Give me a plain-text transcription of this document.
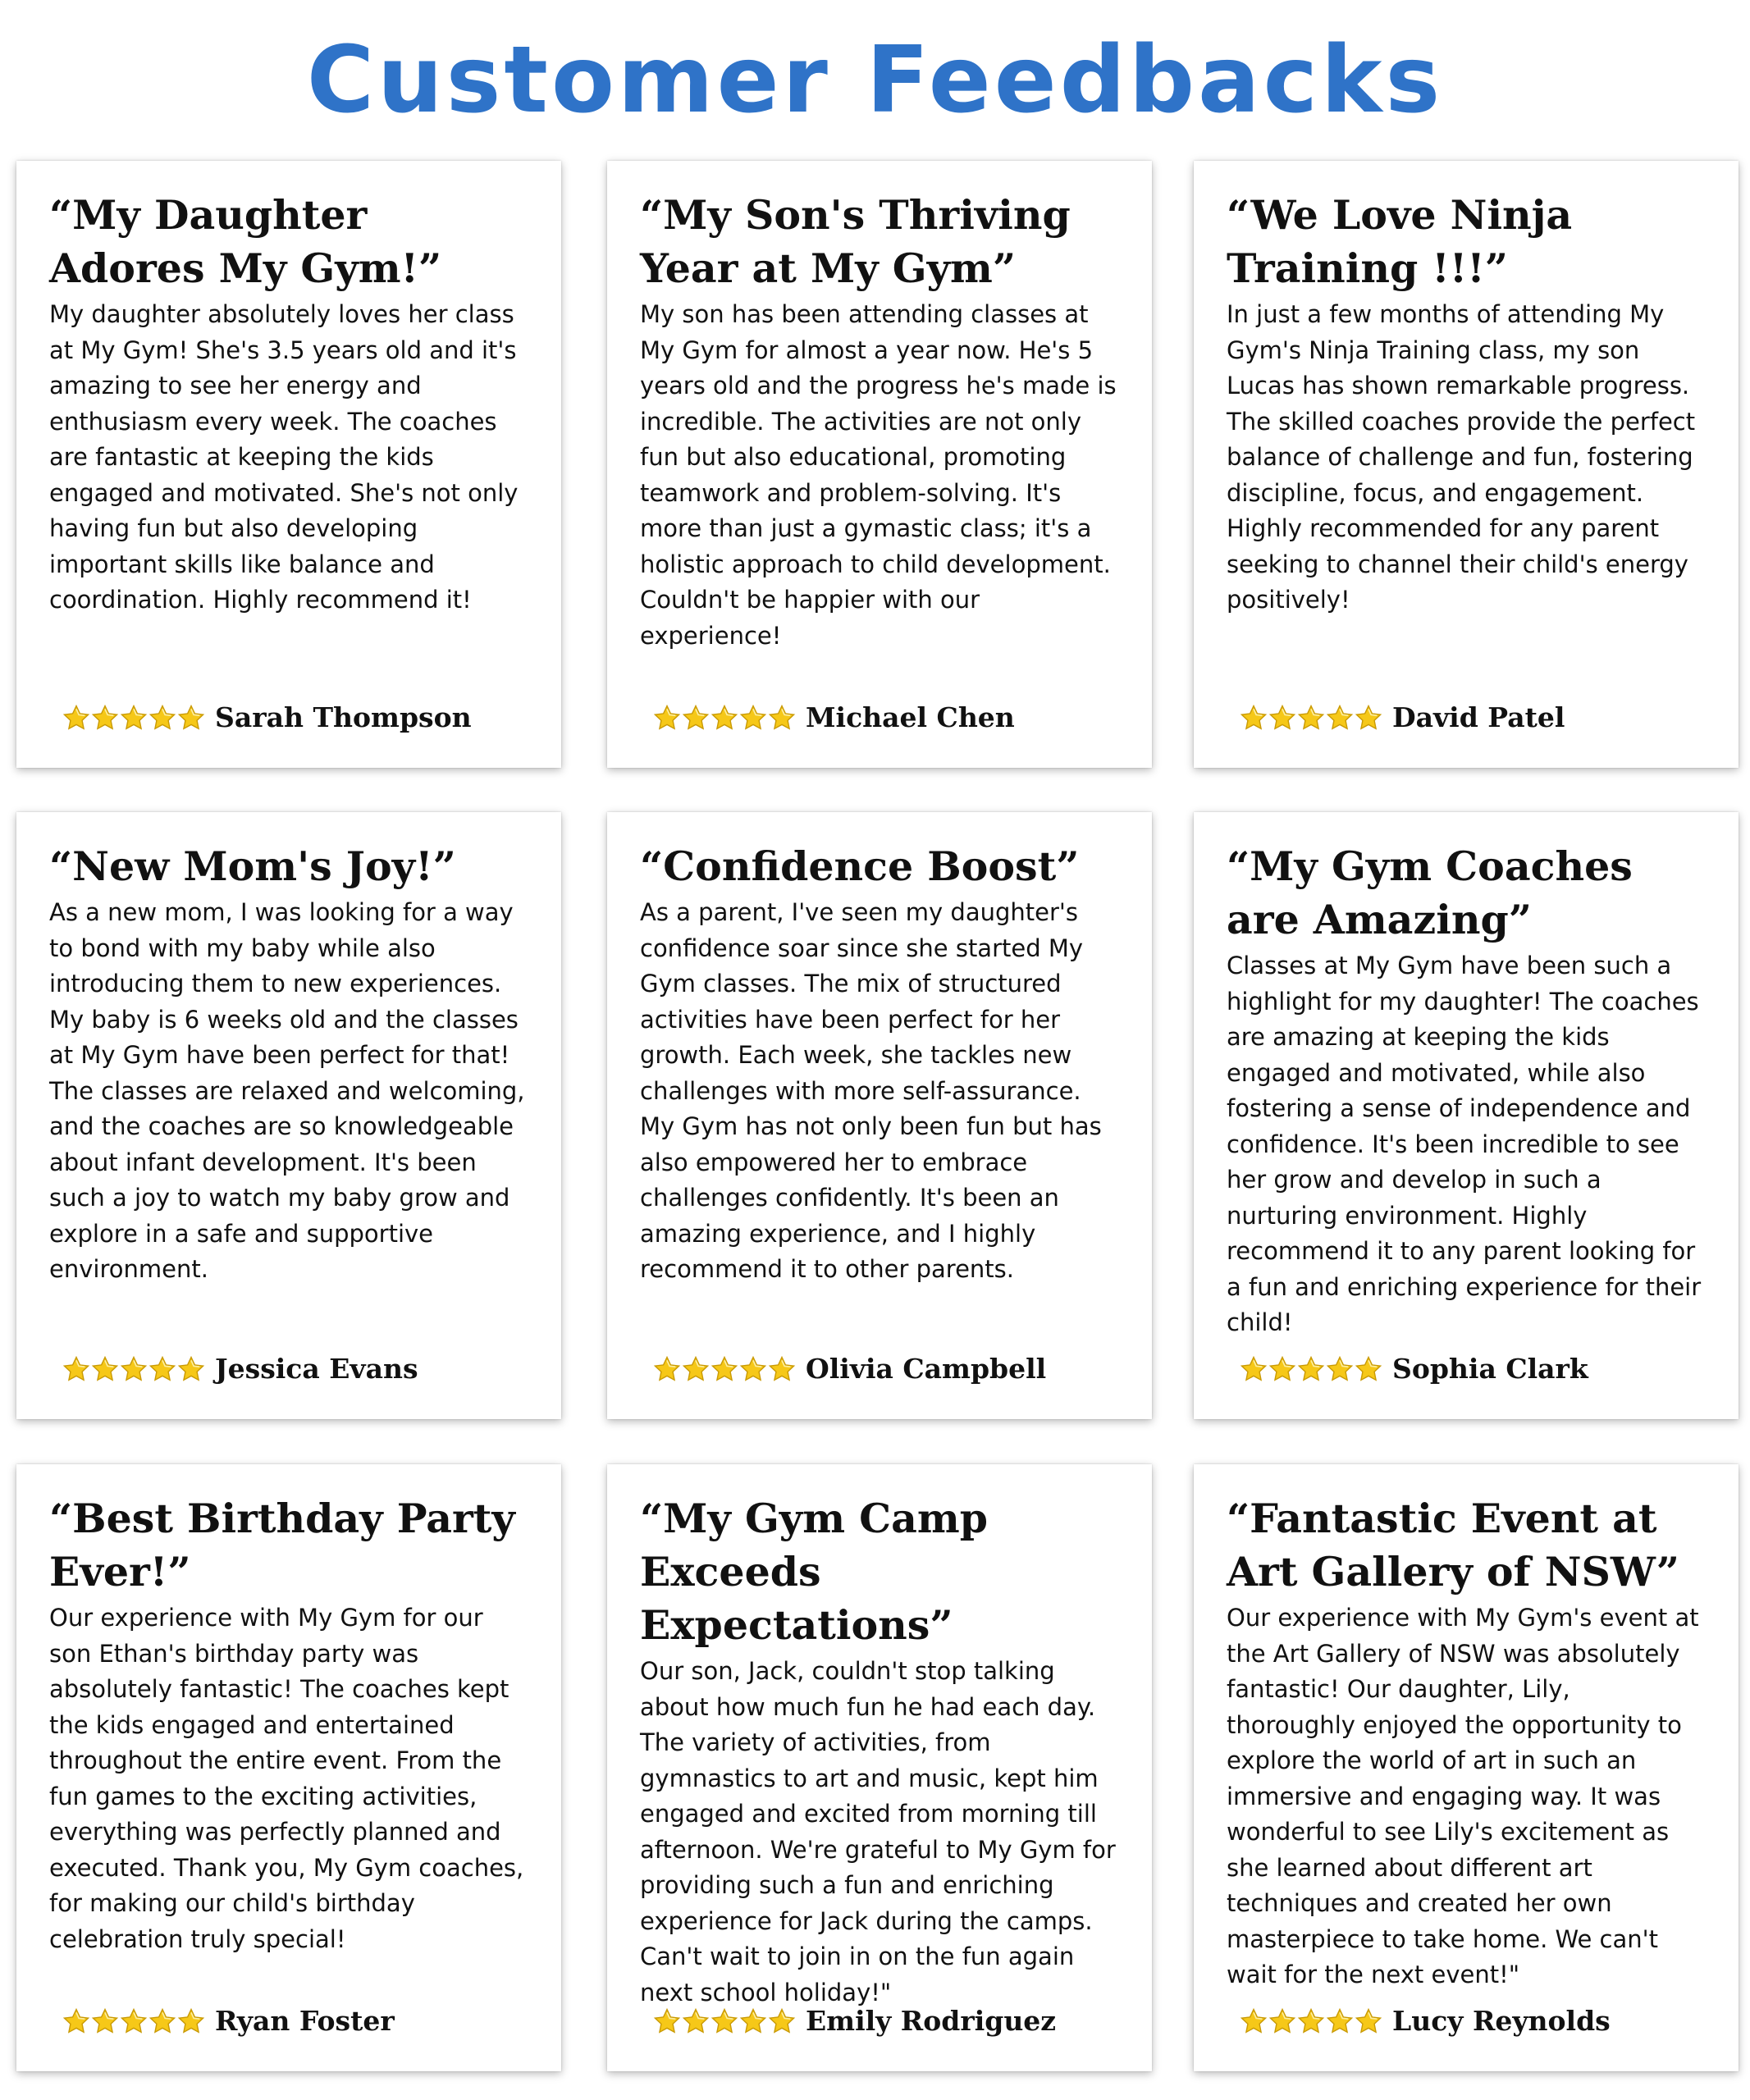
Customer Feedbacks
“My Daughter Adores My Gym!”

My daughter absolutely loves her class at My Gym! She's 3.5 years old and it's amazing to see her energy and enthusiasm every week. The coaches are fantastic at keeping the kids engaged and motivated. She's not only having fun but also developing important skills like balance and coordination. Highly recommend it!

Sarah Thompson
“My Son's Thriving Year at My Gym”

My son has been attending classes at My Gym for almost a year now. He's 5 years old and the progress he's made is incredible. The activities are not only fun but also educational, promoting teamwork and problem-solving. It's more than just a gymastic class; it's a holistic approach to child development. Couldn't be happier with our experience!

Michael Chen
“We Love Ninja Training !!!”

In just a few months of attending My Gym's Ninja Training class, my son Lucas has shown remarkable progress. The skilled coaches provide the perfect balance of challenge and fun, fostering discipline, focus, and engagement. Highly recommended for any parent seeking to channel their child's energy positively!

David Patel
“New Mom's Joy!”

As a new mom, I was looking for a way to bond with my baby while also introducing them to new experiences. My baby is 6 weeks old and the classes at My Gym have been perfect for that! The classes are relaxed and welcoming, and the coaches are so knowledgeable about infant development. It's been such a joy to watch my baby grow and explore in a safe and supportive environment.

Jessica Evans
“Confidence Boost”

As a parent, I've seen my daughter's confidence soar since she started My Gym classes. The mix of structured activities have been perfect for her growth. Each week, she tackles new challenges with more self-assurance. My Gym has not only been fun but has also empowered her to embrace challenges confidently. It's been an amazing experience, and I highly recommend it to other parents.

Olivia Campbell
“My Gym Coaches are Amazing”

Classes at My Gym have been such a highlight for my daughter! The coaches are amazing at keeping the kids engaged and motivated, while also fostering a sense of independence and confidence. It's been incredible to see her grow and develop in such a nurturing environment. Highly recommend it to any parent looking for a fun and enriching experience for their child!

Sophia Clark
“Best Birthday Party Ever!”

Our experience with My Gym for our son Ethan's birthday party was absolutely fantastic! The coaches kept the kids engaged and entertained throughout the entire event. From the fun games to the exciting activities, everything was perfectly planned and executed. Thank you, My Gym coaches, for making our child's birthday celebration truly special!

Ryan Foster
“My Gym Camp Exceeds Expectations”

Our son, Jack, couldn't stop talking about how much fun he had each day. The variety of activities, from gymnastics to art and music, kept him engaged and excited from morning till afternoon. We're grateful to My Gym for providing such a fun and enriching experience for Jack during the camps. Can't wait to join in on the fun again next school holiday!"

Emily Rodriguez
“Fantastic Event at Art Gallery of NSW”

Our experience with My Gym's event at the Art Gallery of NSW was absolutely fantastic! Our daughter, Lily, thoroughly enjoyed the opportunity to explore the world of art in such an immersive and engaging way. It was wonderful to see Lily's excitement as she learned about different art techniques and created her own masterpiece to take home. We can't wait for the next event!"

Lucy Reynolds
